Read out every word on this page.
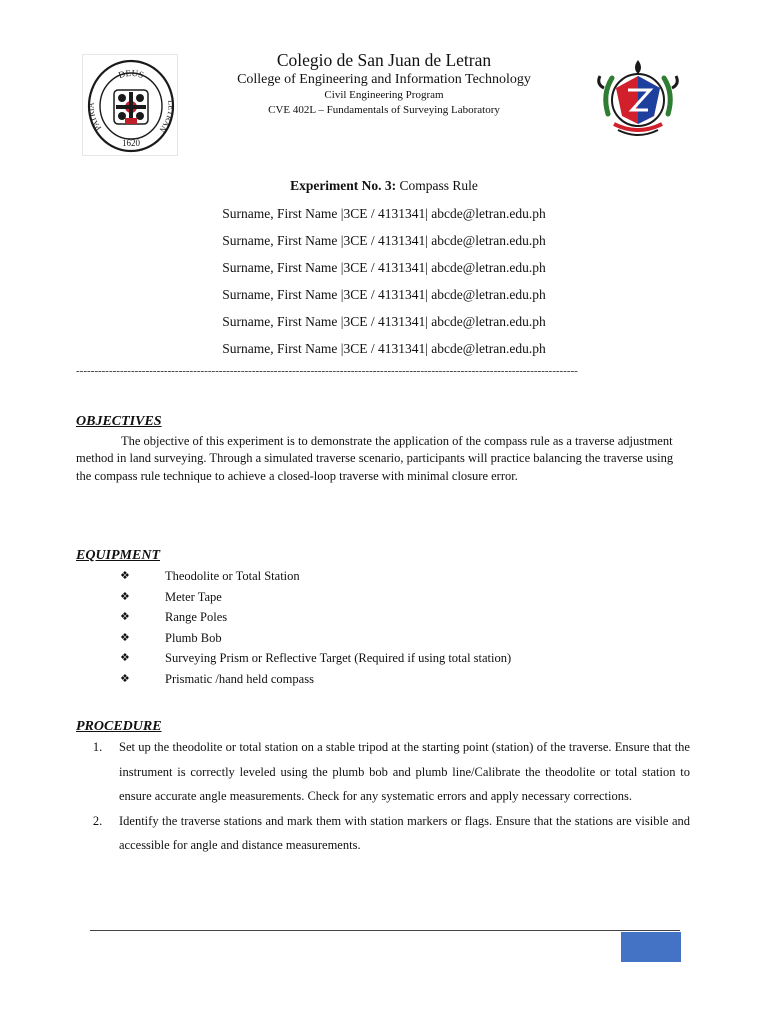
DEUS
PATRIA	LETRAN
1620
Colegio de San Juan de Letran
College of Engineering and Information Technology
Civil Engineering Program
CVE 402L – Fundamentals of Surveying Laboratory
Experiment No. 3: Compass Rule
Surname, First Name |3CE / 4131341| abcde@letran.edu.ph
Surname, First Name |3CE / 4131341| abcde@letran.edu.ph
Surname, First Name |3CE / 4131341| abcde@letran.edu.ph
Surname, First Name |3CE / 4131341| abcde@letran.edu.ph
Surname, First Name |3CE / 4131341| abcde@letran.edu.ph
Surname, First Name |3CE / 4131341| abcde@letran.edu.ph
-----------------------------------------------------------------------------------------------------------------------------------------
OBJECTIVES
The objective of this experiment is to demonstrate the application of the compass rule as a traverse adjustment method in land surveying. Through a simulated traverse scenario, participants will practice balancing the traverse using the compass rule technique to achieve a closed-loop traverse with minimal closure error.
EQUIPMENT
❖	Theodolite or Total Station
❖	Meter Tape
❖	Range Poles
❖	Plumb Bob
❖	Surveying Prism or Reflective Target (Required if using total station)
❖	Prismatic /hand held compass
PROCEDURE
1.	Set up the theodolite or total station on a stable tripod at the starting point (station) of the traverse. Ensure that the instrument is correctly leveled using the plumb bob and plumb line/Calibrate the theodolite or total station to ensure accurate angle measurements. Check for any systematic errors and apply necessary corrections.
2.	Identify the traverse stations and mark them with station markers or flags. Ensure that the stations are visible and accessible for angle and distance measurements.
